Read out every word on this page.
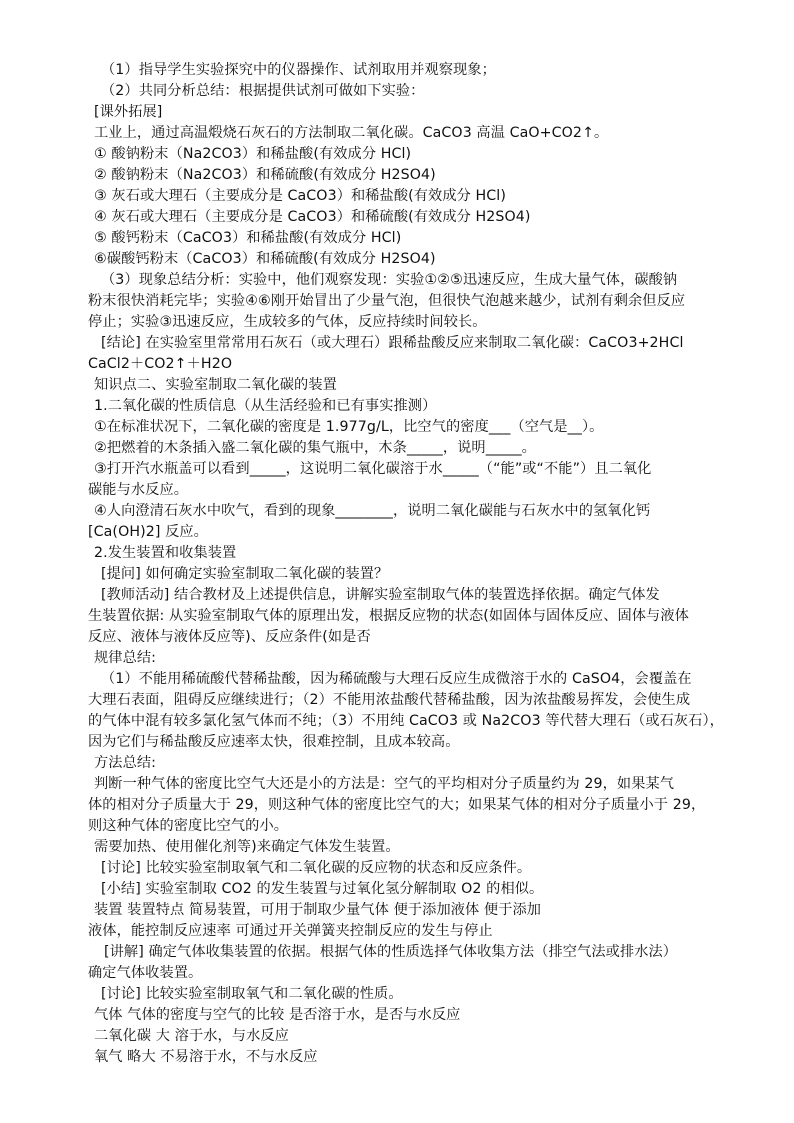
（1）指导学生实验探究中的仪器操作、试剂取用并观察现象；
（2）共同分析总结：根据提供试剂可做如下实验：
[课外拓展]
工业上，通过高温煅烧石灰石的方法制取二氧化碳。CaCO3 高温 CaO+CO2↑。
① 酸钠粉末（Na2CO3）和稀盐酸(有效成分 HCl)
② 酸钠粉末（Na2CO3）和稀硫酸(有效成分 H2SO4)
③ 灰石或大理石（主要成分是 CaCO3）和稀盐酸(有效成分 HCl)
④ 灰石或大理石（主要成分是 CaCO3）和稀硫酸(有效成分 H2SO4)
⑤ 酸钙粉末（CaCO3）和稀盐酸(有效成分 HCl)
⑥碳酸钙粉末（CaCO3）和稀硫酸(有效成分 H2SO4)
（3）现象总结分析：实验中，他们观察发现：实验①②⑤迅速反应，生成大量气体，碳酸钠
粉末很快消耗完毕；实验④⑥刚开始冒出了少量气泡，但很快气泡越来越少，试剂有剩余但反应
停止；实验③迅速反应，生成较多的气体，反应持续时间较长。
[结论] 在实验室里常常用石灰石（或大理石）跟稀盐酸反应来制取二氧化碳：CaCO3+2HCl
CaCl2＋CO2↑＋H2O
知识点二、实验室制取二氧化碳的装置
1.二氧化碳的性质信息（从生活经验和已有事实推测）
①在标准状况下，二氧化碳的密度是 1.977g/L，比空气的密度___（空气是__）。
②把燃着的木条插入盛二氧化碳的集气瓶中，木条_____，说明_____。
③打开汽水瓶盖可以看到_____，这说明二氧化碳溶于水_____（“能”或“不能”）且二氧化
碳能与水反应。
④人向澄清石灰水中吹气，看到的现象________，说明二氧化碳能与石灰水中的氢氧化钙
[Ca(OH)2] 反应。
2.发生装置和收集装置
[提问] 如何确定实验室制取二氧化碳的装置？
[教师活动] 结合教材及上述提供信息，讲解实验室制取气体的装置选择依据。确定气体发
生装置依据: 从实验室制取气体的原理出发，根据反应物的状态(如固体与固体反应、固体与液体
反应、液体与液体反应等)、反应条件(如是否
规律总结:
（1）不能用稀硫酸代替稀盐酸，因为稀硫酸与大理石反应生成微溶于水的 CaSO4，会覆盖在
大理石表面，阻碍反应继续进行；（2）不能用浓盐酸代替稀盐酸，因为浓盐酸易挥发，会使生成
的气体中混有较多氯化氢气体而不纯；（3）不用纯 CaCO3 或 Na2CO3 等代替大理石（或石灰石），
因为它们与稀盐酸反应速率太快，很难控制，且成本较高。
方法总结:
判断一种气体的密度比空气大还是小的方法是：空气的平均相对分子质量约为 29，如果某气
体的相对分子质量大于 29，则这种气体的密度比空气的大；如果某气体的相对分子质量小于 29，
则这种气体的密度比空气的小。
需要加热、使用催化剂等)来确定气体发生装置。
[讨论] 比较实验室制取氧气和二氧化碳的反应物的状态和反应条件。
[小结] 实验室制取 CO2 的发生装置与过氧化氢分解制取 O2 的相似。
装置 装置特点 简易装置，可用于制取少量气体 便于添加液体 便于添加
液体，能控制反应速率 可通过开关弹簧夹控制反应的发生与停止
[讲解] 确定气体收集装置的依据。根据气体的性质选择气体收集方法（排空气法或排水法）
确定气体收装置。
[讨论] 比较实验室制取氧气和二氧化碳的性质。
气体 气体的密度与空气的比较 是否溶于水，是否与水反应
二氧化碳 大 溶于水，与水反应
氧气 略大 不易溶于水，不与水反应
